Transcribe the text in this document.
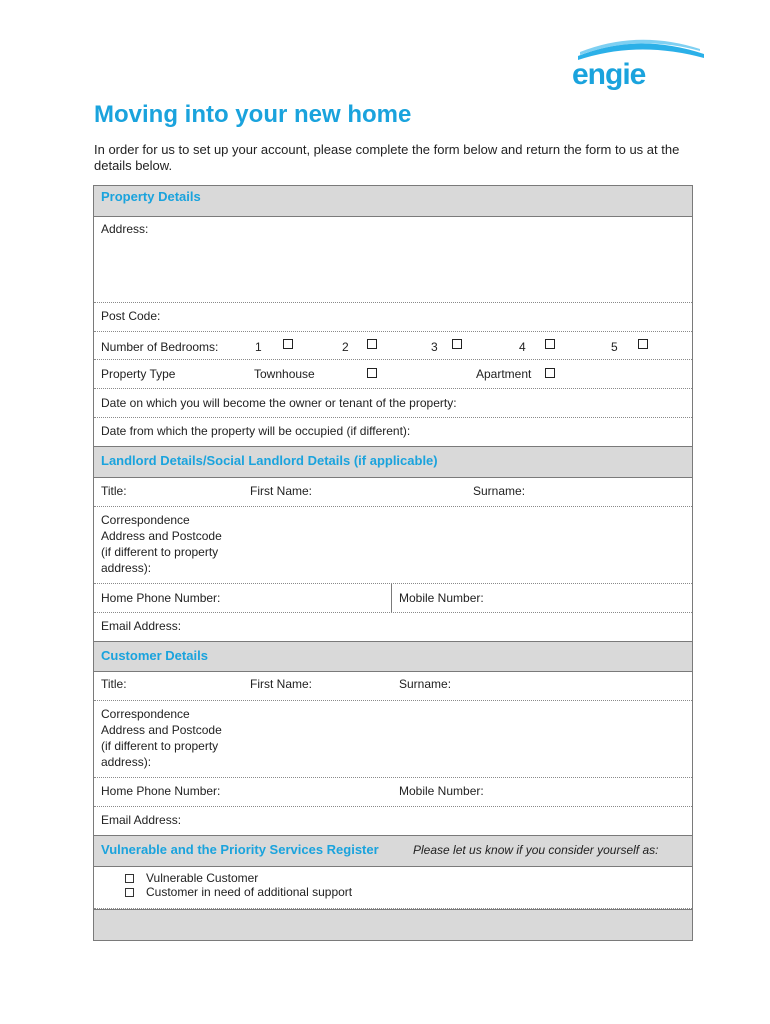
engie
Moving into your new home
In order for us to set up your account, please complete the form below and return the form to us at the details below.
Property Details
Address:
Post Code:
Number of Bedrooms:	1	2	3	4	5
Property Type	Townhouse	Apartment
Date on which you will become the owner or tenant of the property:
Date from which the property will be occupied (if different):
Landlord Details/Social Landlord Details (if applicable)
Title:	First Name:	Surname:
Correspondence
Address and Postcode
(if different to property
address):
Home Phone Number:	Mobile Number:
Email Address:
Customer Details
Title:	First Name:	Surname:
Correspondence
Address and Postcode
(if different to property
address):
Home Phone Number:	Mobile Number:
Email Address:
Vulnerable and the Priority Services Register	Please let us know if you consider yourself as:
Vulnerable Customer
Customer in need of additional support
